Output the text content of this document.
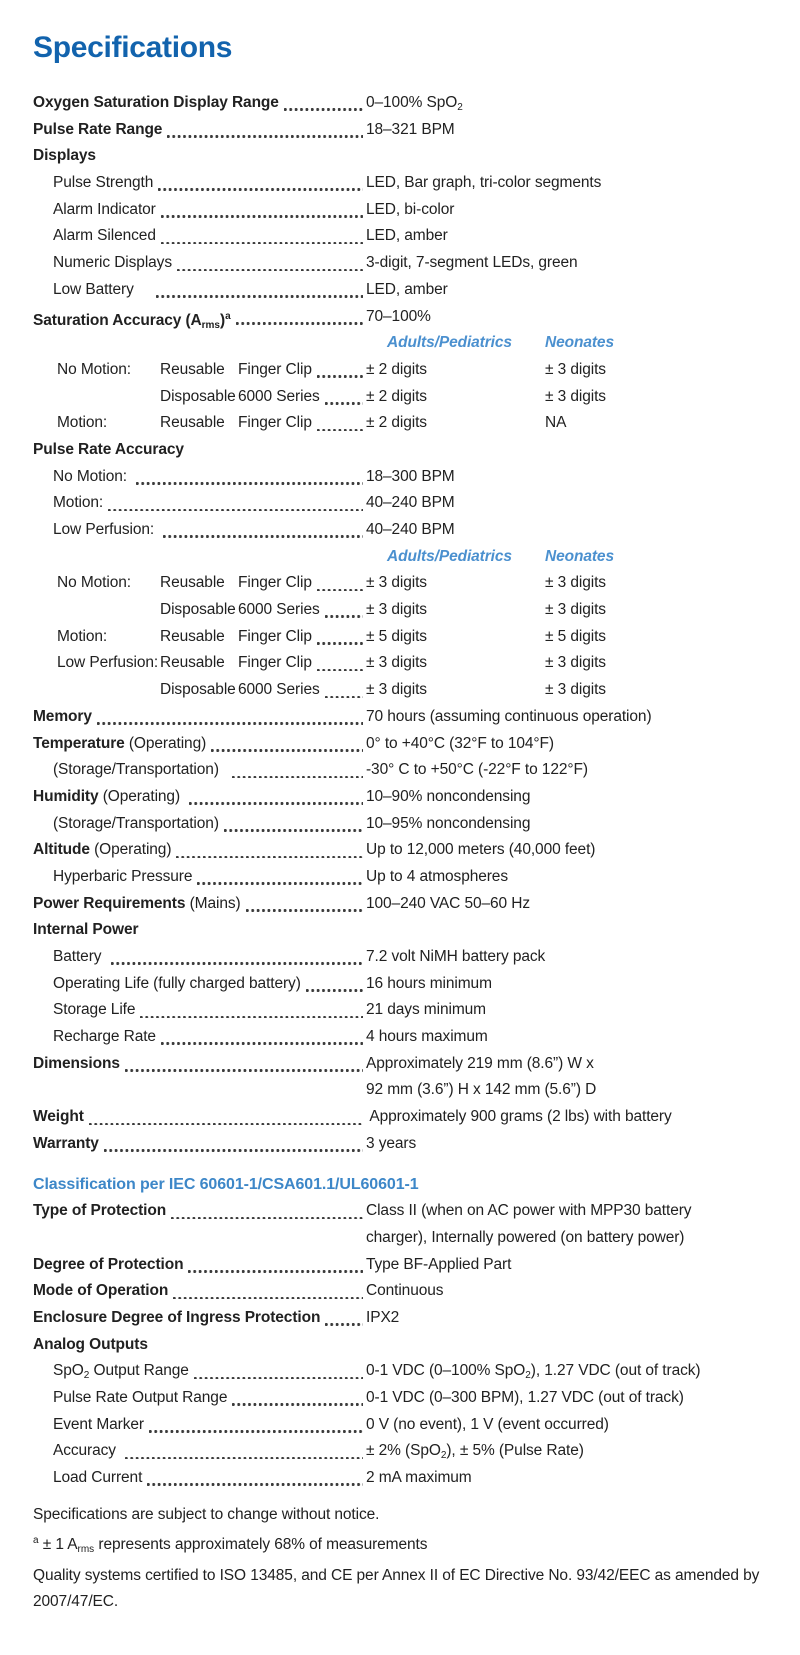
Specifications
Oxygen Saturation Display Range	0–100% SpO$_2$
Pulse Rate Range	18–321 BPM
Displays
Pulse Strength	LED, Bar graph, tri-color segments
Alarm Indicator	LED, bi-color
Alarm Silenced	LED, amber
Numeric Displays	3-digit, 7-segment LEDs, green
Low Battery	LED, amber
Saturation Accuracy $(A_{rms})^a$	70–100%
Adults/Pediatrics Neonates
No Motion:	Reusable Finger Clip	± 2 digits	± 3 digits
Disposable 6000 Series	± 2 digits	± 3 digits
Motion:	Reusable Finger Clip	± 2 digits	NA
Pulse Rate Accuracy
No Motion:	18–300 BPM
Motion:	40–240 BPM
Low Perfusion:	40–240 BPM
Adults/Pediatrics Neonates
No Motion:	Reusable Finger Clip	± 3 digits	± 3 digits
Disposable 6000 Series	± 3 digits	± 3 digits
Motion:	Reusable Finger Clip	± 5 digits	± 5 digits
Low Perfusion: Reusable Finger Clip	± 3 digits	± 3 digits
Disposable 6000 Series	± 3 digits	± 3 digits
Memory	70 hours (assuming continuous operation)
Temperature (Operating)	0° to +40°C (32°F to 104°F)
(Storage/Transportation)	-30° C to +50°C (-22°F to 122°F)
Humidity (Operating)	10–90% noncondensing
(Storage/Transportation)	10–95% noncondensing
Altitude (Operating)	Up to 12,000 meters (40,000 feet)
Hyperbaric Pressure	Up to 4 atmospheres
Power Requirements (Mains)	100–240 VAC 50–60 Hz
Internal Power
Battery	7.2 volt NiMH battery pack
Operating Life (fully charged battery)	16 hours minimum
Storage Life	21 days minimum
Recharge Rate	4 hours maximum
Dimensions	Approximately 219 mm (8.6”) W x
92 mm (3.6”) H x 142 mm (5.6”) D
Weight	Approximately 900 grams (2 lbs) with battery
Warranty	3 years
Classification per IEC 60601-1/CSA601.1/UL60601-1
Type of Protection	Class II (when on AC power with MPP30 battery
charger), Internally powered (on battery power)
Degree of Protection	Type BF-Applied Part
Mode of Operation	Continuous
Enclosure Degree of Ingress Protection	IPX2
Analog Outputs
SpO$_2$ Output Range	0-1 VDC (0–100% SpO$_2$), 1.27 VDC (out of track)
Pulse Rate Output Range	0-1 VDC (0–300 BPM), 1.27 VDC (out of track)
Event Marker	0 V (no event), 1 V (event occurred)
Accuracy	± 2% (SpO$_2$), ± 5% (Pulse Rate)
Load Current	2 mA maximum
Specifications are subject to change without notice.
$^a$ ± 1 $A_{rms}$ represents approximately 68% of measurements
Quality systems certified to ISO 13485, and CE per Annex II of EC Directive No. 93/42/EEC as amended by 2007/47/EC.
